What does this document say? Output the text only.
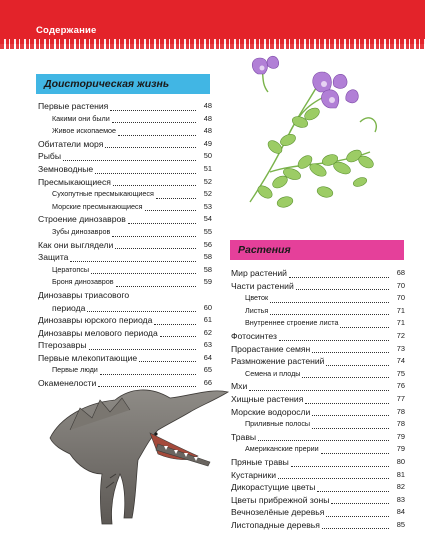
Содержание
Доисторическая жизнь
Первые растения	48
Какими они были	48
Живое ископаемое	48
Обитатели моря	49
Рыбы	50
Земноводные	51
Пресмыкающиеся	52
Сухопутные пресмыкающиеся	52
Морские пресмыкающиеся	53
Строение динозавров	54
Зубы динозавров	55
Как они выглядели	56
Защита	58
Цератопсы	58
Броня динозавров	59
Динозавры триасового
периода	60
Динозавры юрского периода	61
Динозавры мелового периода	62
Птерозавры	63
Первые млекопитающие	64
Первые люди	65
Окаменелости	66
Растения
Мир растений	68
Части растений	70
Цветок	70
Листья	71
Внутреннее строение листа	71
Фотосинтез	72
Прорастание семян	73
Размножение растений	74
Семена и плоды	75
Мхи	76
Хищные растения	77
Морские водоросли	78
Приливные полосы	78
Травы	79
Американские прерии	79
Пряные травы	80
Кустарники	81
Дикорастущие цветы	82
Цветы прибрежной зоны	83
Вечнозелёные деревья	84
Листопадные деревья	85
